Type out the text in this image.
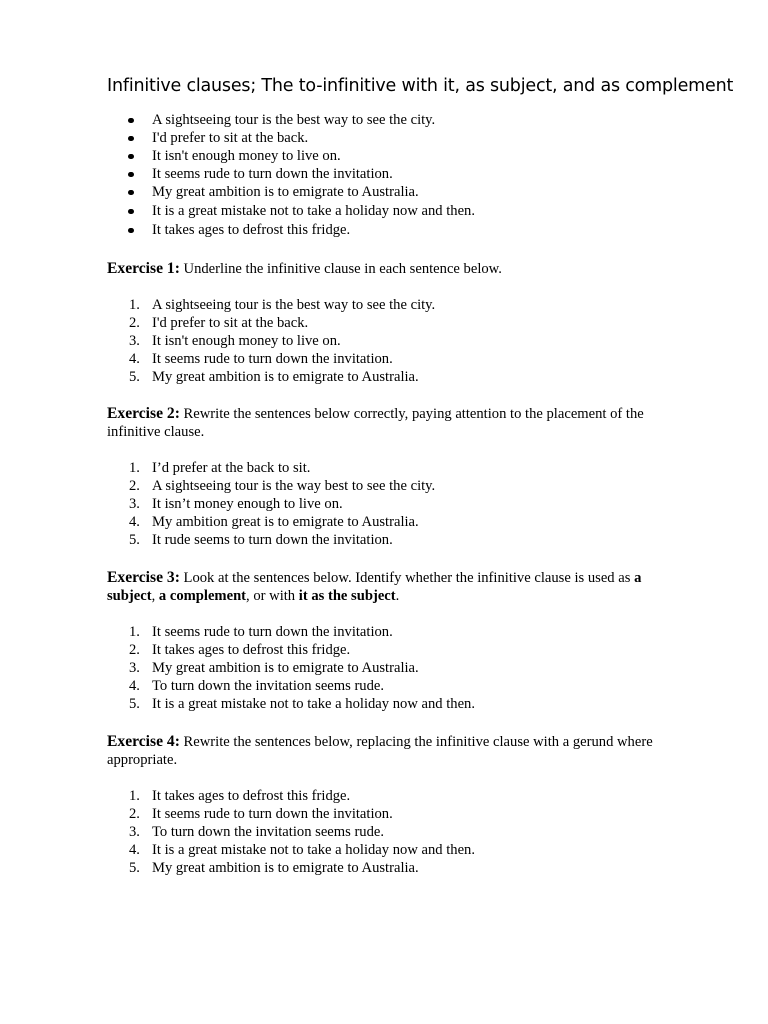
Infinitive clauses; The to-infinitive with it, as subject, and as complement
A sightseeing tour is the best way to see the city.
I'd prefer to sit at the back.
It isn't enough money to live on.
It seems rude to turn down the invitation.
My great ambition is to emigrate to Australia.
It is a great mistake not to take a holiday now and then.
It takes ages to defrost this fridge.
Exercise 1: Underline the infinitive clause in each sentence below.
1. A sightseeing tour is the best way to see the city.
2. I'd prefer to sit at the back.
3. It isn't enough money to live on.
4. It seems rude to turn down the invitation.
5. My great ambition is to emigrate to Australia.
Exercise 2: Rewrite the sentences below correctly, paying attention to the placement of the
infinitive clause.
1. I’d prefer at the back to sit.
2. A sightseeing tour is the way best to see the city.
3. It isn’t money enough to live on.
4. My ambition great is to emigrate to Australia.
5. It rude seems to turn down the invitation.
Exercise 3: Look at the sentences below. Identify whether the infinitive clause is used as a
subject, a complement, or with it as the subject.
1. It seems rude to turn down the invitation.
2. It takes ages to defrost this fridge.
3. My great ambition is to emigrate to Australia.
4. To turn down the invitation seems rude.
5. It is a great mistake not to take a holiday now and then.
Exercise 4: Rewrite the sentences below, replacing the infinitive clause with a gerund where
appropriate.
1. It takes ages to defrost this fridge.
2. It seems rude to turn down the invitation.
3. To turn down the invitation seems rude.
4. It is a great mistake not to take a holiday now and then.
5. My great ambition is to emigrate to Australia.
